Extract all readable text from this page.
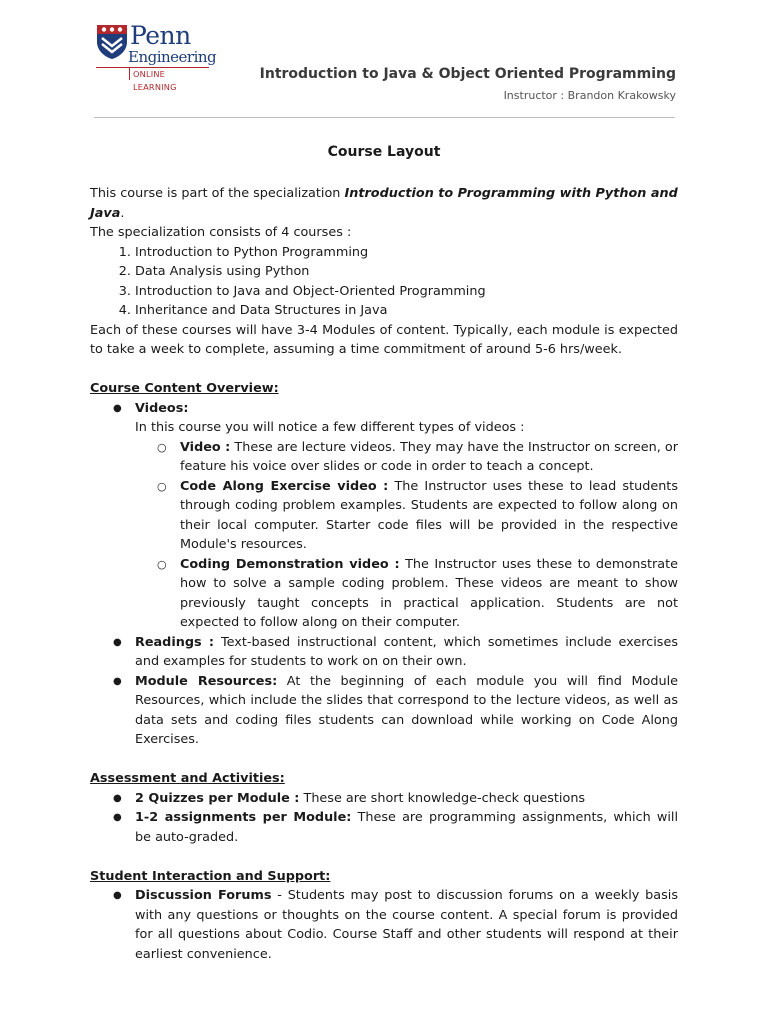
Penn
Engineering
ONLINE LEARNING
Introduction to Java & Object Oriented Programming
Instructor : Brandon Krakowsky
Course Layout

This course is part of the specialization Introduction to Programming with Python and Java.

The specialization consists of 4 courses :

1. Introduction to Python Programming
2. Data Analysis using Python
3. Introduction to Java and Object-Oriented Programming
4. Inheritance and Data Structures in Java

Each of these courses will have 3-4 Modules of content. Typically, each module is expected to take a week to complete, assuming a time commitment of around 5-6 hrs/week.

Course Content Overview:

● Videos:

In this course you will notice a few different types of videos :

○ Video : These are lecture videos. They may have the Instructor on screen, or feature his voice over slides or code in order to teach a concept.
○ Code Along Exercise video : The Instructor uses these to lead students through coding problem examples. Students are expected to follow along on their local computer. Starter code files will be provided in the respective Module's resources.
○ Coding Demonstration video : The Instructor uses these to demonstrate how to solve a sample coding problem. These videos are meant to show previously taught concepts in practical application. Students are not expected to follow along on their computer.
● Readings : Text-based instructional content, which sometimes include exercises and examples for students to work on on their own.
● Module Resources: At the beginning of each module you will find Module Resources, which include the slides that correspond to the lecture videos, as well as data sets and coding files students can download while working on Code Along Exercises.

Assessment and Activities:

● 2 Quizzes per Module : These are short knowledge-check questions
● 1-2 assignments per Module: These are programming assignments, which will be auto-graded.

Student Interaction and Support:

● Discussion Forums - Students may post to discussion forums on a weekly basis with any questions or thoughts on the course content. A special forum is provided for all questions about Codio. Course Staff and other students will respond at their earliest convenience.
